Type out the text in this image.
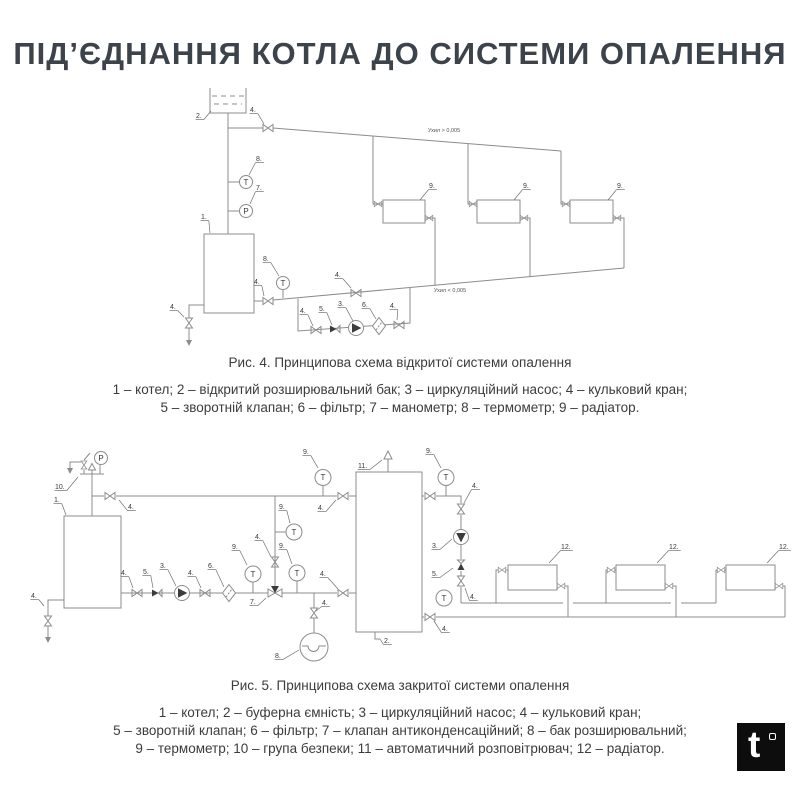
ПІД’ЄДНАННЯ КОТЛА ДО СИСТЕМИ ОПАЛЕННЯ
2.
4.
8.
7.
1.
9.	9.	9.
8.
4.
4.
4.
4. 5.
3.	6.	4.
T
P
T
Ухил > 0,005
Ухил < 0,005
Рис. 4. Принципова схема відкритої системи опалення
1 – котел; 2 – відкритий розширювальний бак; 3 – циркуляційний насос; 4 – кульковий кран;
5 – зворотній клапан; 6 – фільтр; 7 – манометр; 8 – термометр; 9 – радіатор.
10.
1.
4.
4.
9.
9.	9.
9.
4.
11.
9.
4.
3.
5.
4.
4. 5.
3.
4.
6.
7.
4.
4.
8.
2.
4.
12.	12.	12.
4.
T
T	T
T	T
T
P
Рис. 5. Принципова схема закритої системи опалення
1 – котел; 2 – буферна ємність; 3 – циркуляційний насос; 4 – кульковий кран;
5 – зворотній клапан; 6 – фільтр; 7 – клапан антиконденсаційний; 8 – бак розширювальний;
9 – термометр; 10 – група безпеки; 11 – автоматичний розповітрювач; 12 – радіатор.	t
